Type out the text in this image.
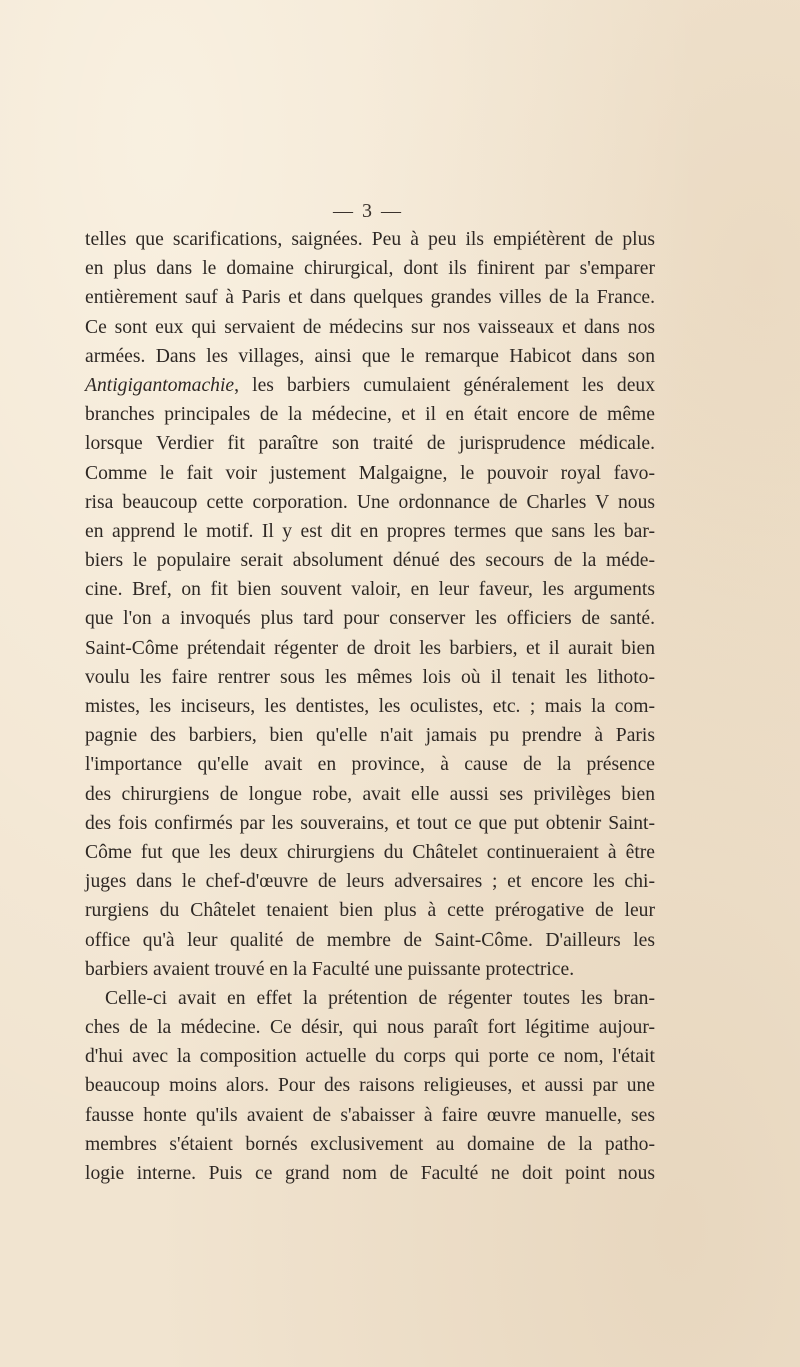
— 3 —
telles que scarifications, saignées. Peu à peu ils empiétèrent de plus
en plus dans le domaine chirurgical, dont ils finirent par s'emparer
entièrement sauf à Paris et dans quelques grandes villes de la France.
Ce sont eux qui servaient de médecins sur nos vaisseaux et dans nos
armées. Dans les villages, ainsi que le remarque Habicot dans son
Antigigantomachie, les barbiers cumulaient généralement les deux
branches principales de la médecine, et il en était encore de même
lorsque Verdier fit paraître son traité de jurisprudence médicale.
Comme le fait voir justement Malgaigne, le pouvoir royal favo-
risa beaucoup cette corporation. Une ordonnance de Charles V nous
en apprend le motif. Il y est dit en propres termes que sans les bar-
biers le populaire serait absolument dénué des secours de la méde-
cine. Bref, on fit bien souvent valoir, en leur faveur, les arguments
que l'on a invoqués plus tard pour conserver les officiers de santé.
Saint-Côme prétendait régenter de droit les barbiers, et il aurait bien
voulu les faire rentrer sous les mêmes lois où il tenait les lithoto-
mistes, les inciseurs, les dentistes, les oculistes, etc. ; mais la com-
pagnie des barbiers, bien qu'elle n'ait jamais pu prendre à Paris
l'importance qu'elle avait en province, à cause de la présence
des chirurgiens de longue robe, avait elle aussi ses privilèges bien
des fois confirmés par les souverains, et tout ce que put obtenir Saint-
Côme fut que les deux chirurgiens du Châtelet continueraient à être
juges dans le chef-d'œuvre de leurs adversaires ; et encore les chi-
rurgiens du Châtelet tenaient bien plus à cette prérogative de leur
office qu'à leur qualité de membre de Saint-Côme. D'ailleurs les
barbiers avaient trouvé en la Faculté une puissante protectrice.
Celle-ci avait en effet la prétention de régenter toutes les bran-
ches de la médecine. Ce désir, qui nous paraît fort légitime aujour-
d'hui avec la composition actuelle du corps qui porte ce nom, l'était
beaucoup moins alors. Pour des raisons religieuses, et aussi par une
fausse honte qu'ils avaient de s'abaisser à faire œuvre manuelle, ses
membres s'étaient bornés exclusivement au domaine de la patho-
logie interne. Puis ce grand nom de Faculté ne doit point nous
